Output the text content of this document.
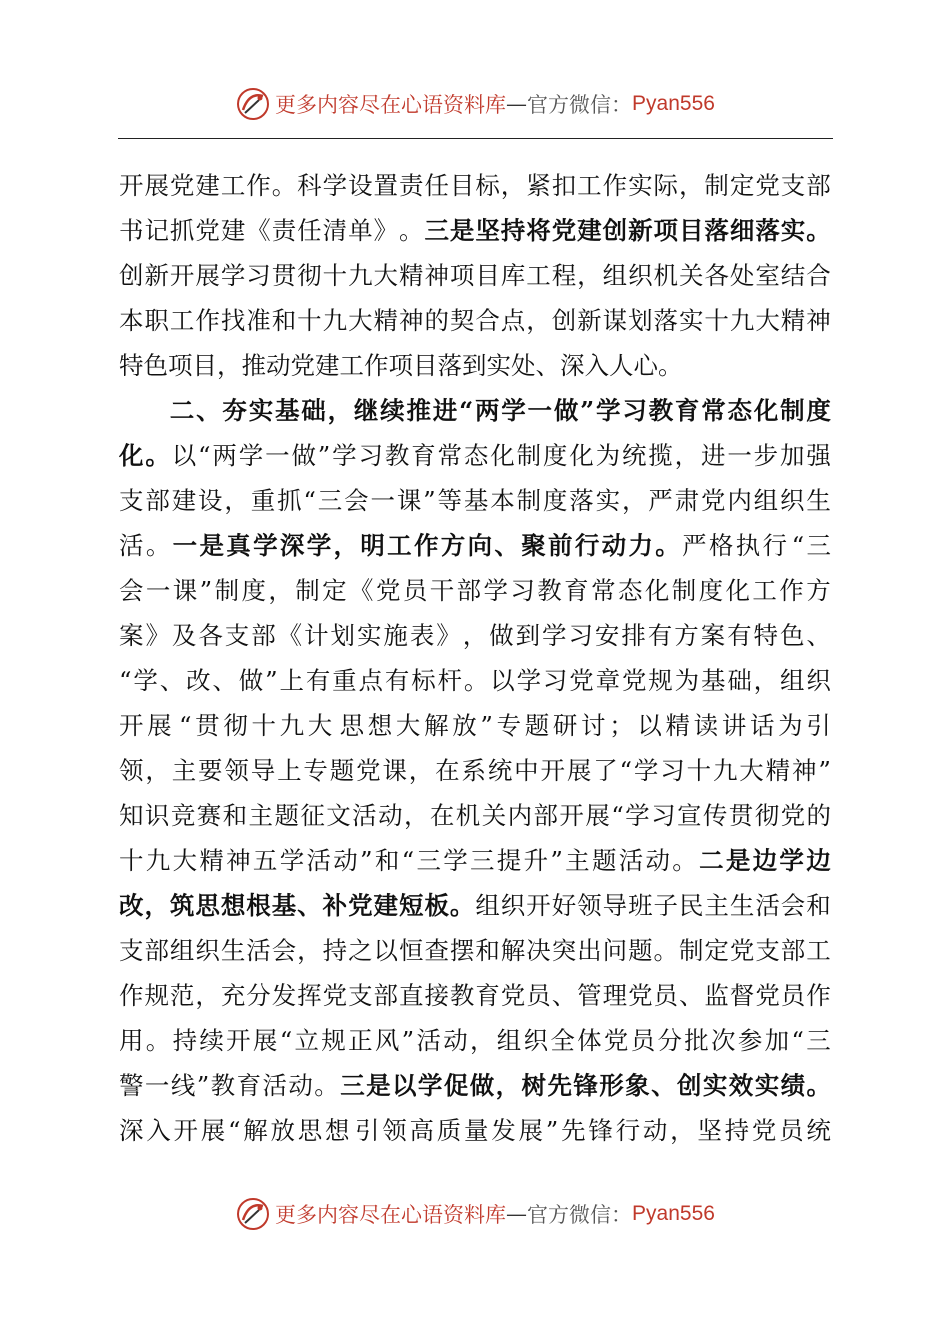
更多内容尽在心语资料库 — 官方微信： Pyan556
开 展 党 建 工 作 。 科 学 设 置 责 任 目 标 ， 紧 扣 工 作 实 际 ， 制 定 党 支 部
书 记 抓 党 建 《 责 任 清 单 》 。 三 是 坚 持 将 党 建 创 新 项 目 落 细 落 实 。
创 新 开 展 学 习 贯 彻 十 九 大 精 神 项 目 库 工 程 ， 组 织 机 关 各 处 室 结 合
本 职 工 作 找 准 和 十 九 大 精 神 的 契 合 点 ， 创 新 谋 划 落 实 十 九 大 精 神
特色项目，推动党建工作项目落到实处、深入人心。
二 、 夯 实 基 础 ， 继 续 推 进 “ 两 学 一 做 ” 学 习 教 育 常 态 化 制 度
化 。 以 “ 两 学 一 做 ” 学 习 教 育 常 态 化 制 度 化 为 统 揽 ， 进 一 步 加 强
支 部 建 设 ， 重 抓 “ 三 会 一 课 ” 等 基 本 制 度 落 实 ， 严 肃 党 内 组 织 生
活 。 一 是 真 学 深 学 ， 明 工 作 方 向 、 聚 前 行 动 力 。 严 格 执 行 “ 三
会 一 课 ” 制 度 ， 制 定 《 党 员 干 部 学 习 教 育 常 态 化 制 度 化 工 作 方
案 》 及 各 支 部 《 计 划 实 施 表 》 ， 做 到 学 习 安 排 有 方 案 有 特 色 、
“ 学 、 改 、 做 ” 上 有 重 点 有 标 杆 。 以 学 习 党 章 党 规 为 基 础 ， 组 织
开 展 “ 贯 彻 十 九 大 思 想 大 解 放 ” 专 题 研 讨 ； 以 精 读 讲 话 为 引
领 ， 主 要 领 导 上 专 题 党 课 ， 在 系 统 中 开 展 了 “ 学 习 十 九 大 精 神 ”
知 识 竞 赛 和 主 题 征 文 活 动 ， 在 机 关 内 部 开 展 “ 学 习 宣 传 贯 彻 党 的
十 九 大 精 神 五 学 活 动 ” 和 “ 三 学 三 提 升 ” 主 题 活 动 。 二 是 边 学 边
改 ， 筑 思 想 根 基 、 补 党 建 短 板 。 组 织 开 好 领 导 班 子 民 主 生 活 会 和
支 部 组 织 生 活 会 ， 持 之 以 恒 查 摆 和 解 决 突 出 问 题 。 制 定 党 支 部 工
作 规 范 ， 充 分 发 挥 党 支 部 直 接 教 育 党 员 、 管 理 党 员 、 监 督 党 员 作
用 。 持 续 开 展 “ 立 规 正 风 ” 活 动 ， 组 织 全 体 党 员 分 批 次 参 加 “ 三
警 一 线 ” 教 育 活 动 。 三 是 以 学 促 做 ， 树 先 锋 形 象 、 创 实 效 实 绩 。
深 入 开 展 “ 解 放 思 想 引 领 高 质 量 发 展 ” 先 锋 行 动 ， 坚 持 党 员 统
更多内容尽在心语资料库 — 官方微信： Pyan556
